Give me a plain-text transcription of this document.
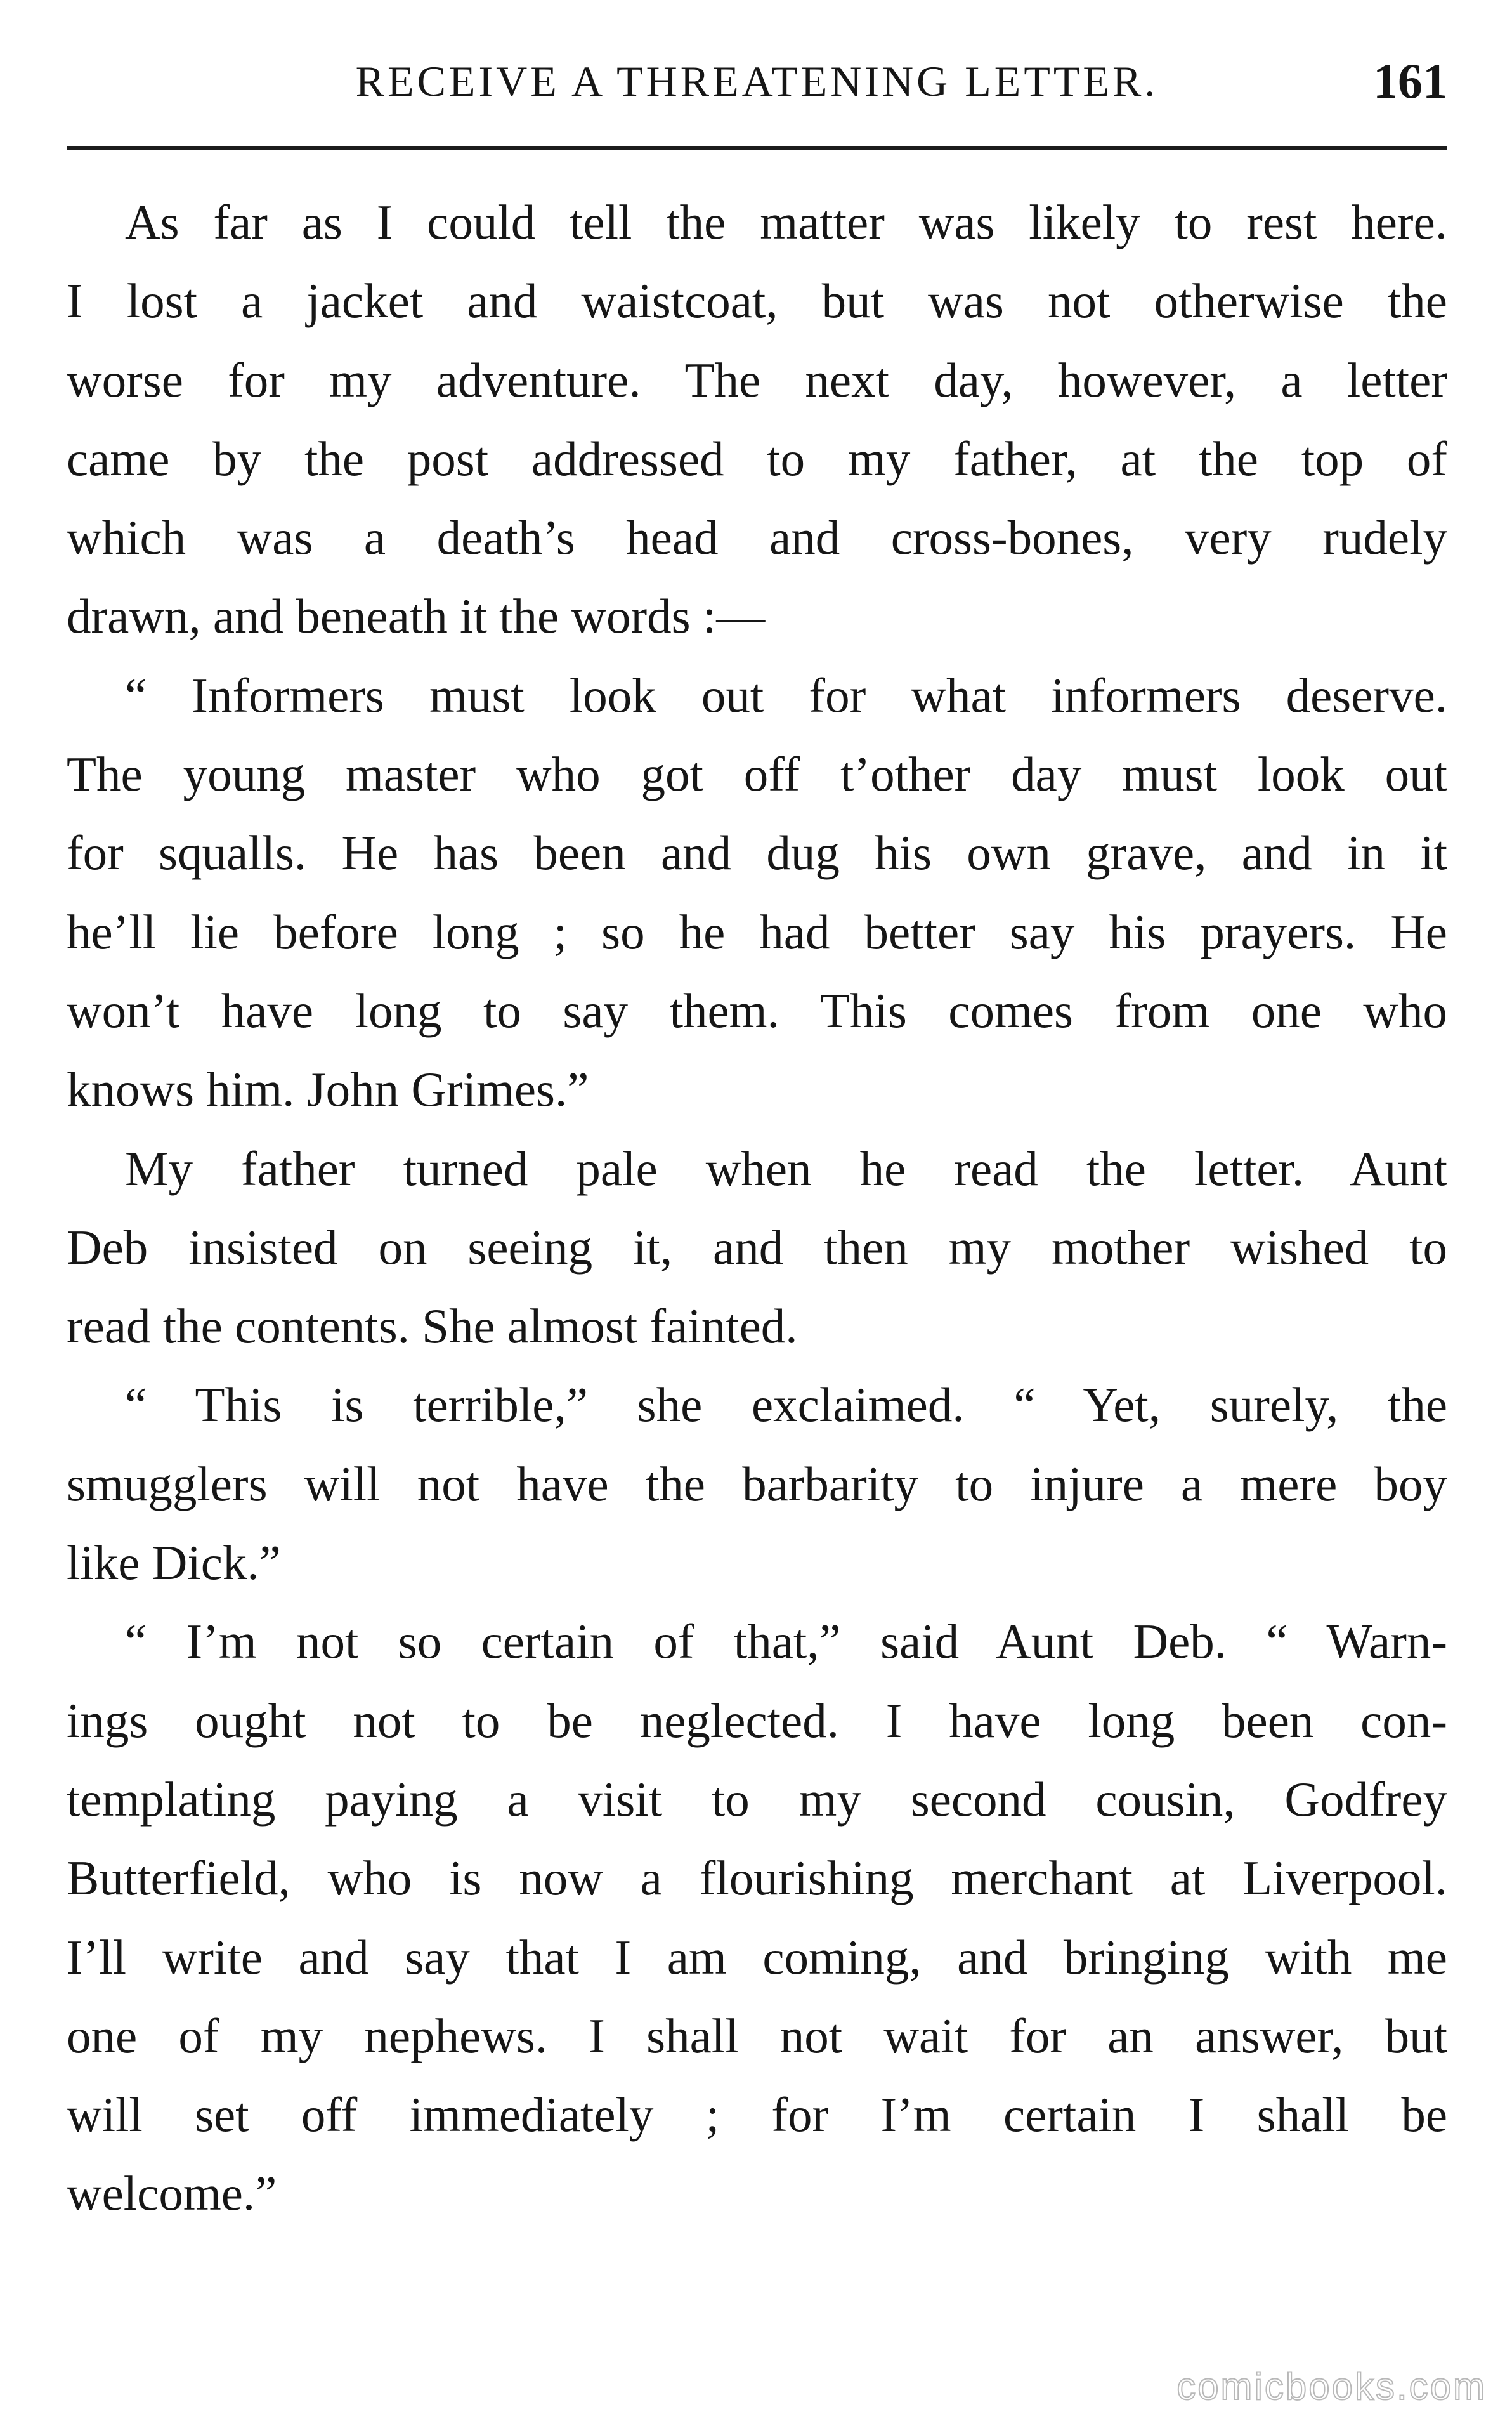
RECEIVE A THREATENING LETTER.	161
As far as I could tell the matter was likely to rest here.
I lost a jacket and waistcoat, but was not otherwise the
worse for my adventure. The next day, however, a letter
came by the post addressed to my father, at the top of
which was a death’s head and cross-bones, very rudely
drawn, and beneath it the words :—
“ Informers must look out for what informers deserve.
The young master who got off t’other day must look out
for squalls. He has been and dug his own grave, and in it
he’ll lie before long ; so he had better say his prayers. He
won’t have long to say them. This comes from one who
knows him. John Grimes.”
My father turned pale when he read the letter. Aunt
Deb insisted on seeing it, and then my mother wished to
read the contents. She almost fainted.
“ This is terrible,” she exclaimed. “ Yet, surely, the
smugglers will not have the barbarity to injure a mere boy
like Dick.”
“ I’m not so certain of that,” said Aunt Deb. “ Warn-
ings ought not to be neglected. I have long been con-
templating paying a visit to my second cousin, Godfrey
Butterfield, who is now a flourishing merchant at Liverpool.
I’ll write and say that I am coming, and bringing with me
one of my nephews. I shall not wait for an answer, but
will set off immediately ; for I’m certain I shall be
welcome.”
comicbooks.com
